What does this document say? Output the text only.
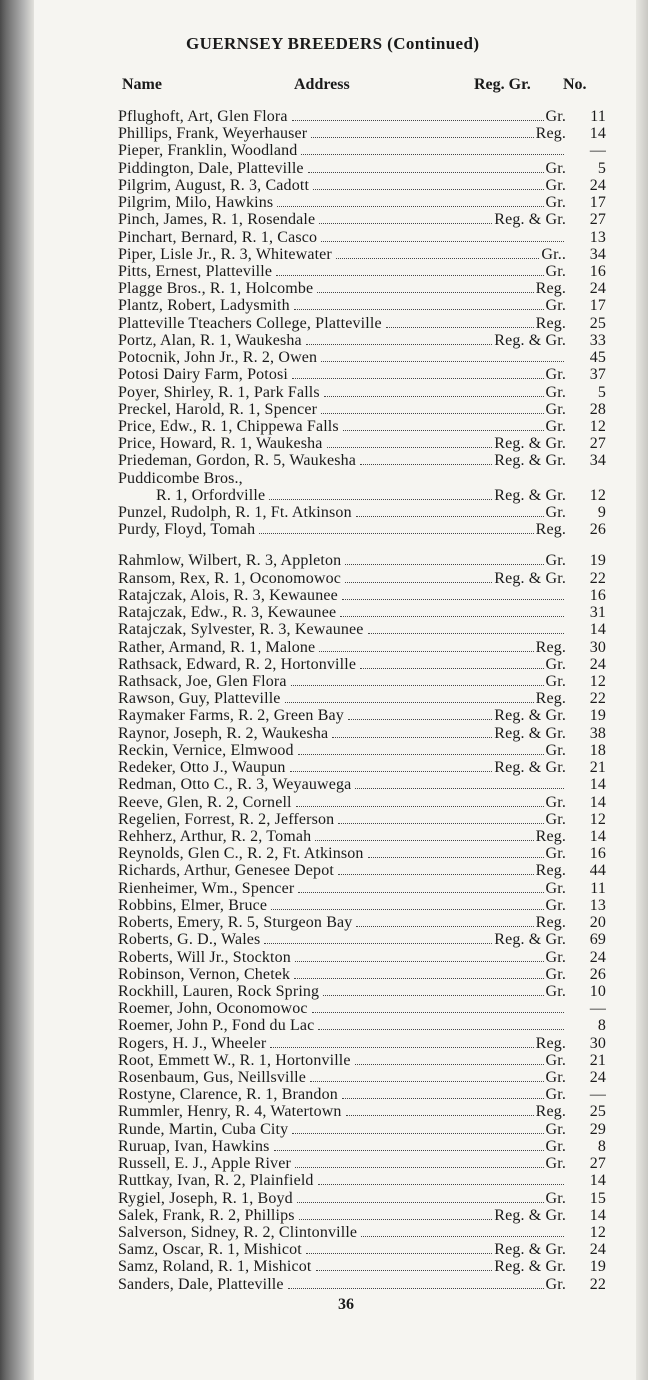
GUERNSEY BREEDERS (Continued)
Name	Address	Reg. Gr. No.
Pflughoft, Art, Glen Flora	Gr.	11
Phillips, Frank, Weyerhauser	Reg.	14
Pieper, Franklin, Woodland	—
Piddington, Dale, Platteville	Gr.	5
Pilgrim, August, R. 3, Cadott	Gr.	24
Pilgrim, Milo, Hawkins	Gr.	17
Pinch, James, R. 1, Rosendale	Reg. & Gr.	27
Pinchart, Bernard, R. 1, Casco	13
Piper, Lisle Jr., R. 3, Whitewater	Gr..	34
Pitts, Ernest, Platteville	Gr.	16
Plagge Bros., R. 1, Holcombe	Reg.	24
Plantz, Robert, Ladysmith	Gr.	17
Platteville Tteachers College, Platteville	Reg.	25
Portz, Alan, R. 1, Waukesha	Reg. & Gr.	33
Potocnik, John Jr., R. 2, Owen	45
Potosi Dairy Farm, Potosi	Gr.	37
Poyer, Shirley, R. 1, Park Falls	Gr.	5
Preckel, Harold, R. 1, Spencer	Gr.	28
Price, Edw., R. 1, Chippewa Falls	Gr.	12
Price, Howard, R. 1, Waukesha	Reg. & Gr.	27
Priedeman, Gordon, R. 5, Waukesha	Reg. & Gr.	34
Puddicombe Bros.,
R. 1, Orfordville	Reg. & Gr.	12
Punzel, Rudolph, R. 1, Ft. Atkinson	Gr.	9
Purdy, Floyd, Tomah	Reg.	26
Rahmlow, Wilbert, R. 3, Appleton	Gr.	19
Ransom, Rex, R. 1, Oconomowoc	Reg. & Gr.	22
Ratajczak, Alois, R. 3, Kewaunee	16
Ratajczak, Edw., R. 3, Kewaunee	31
Ratajczak, Sylvester, R. 3, Kewaunee	14
Rather, Armand, R. 1, Malone	Reg.	30
Rathsack, Edward, R. 2, Hortonville	Gr.	24
Rathsack, Joe, Glen Flora	Gr.	12
Rawson, Guy, Platteville	Reg.	22
Raymaker Farms, R. 2, Green Bay	Reg. & Gr.	19
Raynor, Joseph, R. 2, Waukesha	Reg. & Gr.	38
Reckin, Vernice, Elmwood	Gr.	18
Redeker, Otto J., Waupun	Reg. & Gr.	21
Redman, Otto C., R. 3, Weyauwega	14
Reeve, Glen, R. 2, Cornell	Gr.	14
Regelien, Forrest, R. 2, Jefferson	Gr.	12
Rehherz, Arthur, R. 2, Tomah	Reg.	14
Reynolds, Glen C., R. 2, Ft. Atkinson	Gr.	16
Richards, Arthur, Genesee Depot	Reg.	44
Rienheimer, Wm., Spencer	Gr.	11
Robbins, Elmer, Bruce	Gr.	13
Roberts, Emery, R. 5, Sturgeon Bay	Reg.	20
Roberts, G. D., Wales	Reg. & Gr.	69
Roberts, Will Jr., Stockton	Gr.	24
Robinson, Vernon, Chetek	Gr.	26
Rockhill, Lauren, Rock Spring	Gr.	10
Roemer, John, Oconomowoc	—
Roemer, John P., Fond du Lac	8
Rogers, H. J., Wheeler	Reg.	30
Root, Emmett W., R. 1, Hortonville	Gr.	21
Rosenbaum, Gus, Neillsville	Gr.	24
Rostyne, Clarence, R. 1, Brandon	Gr.	—
Rummler, Henry, R. 4, Watertown	Reg.	25
Runde, Martin, Cuba City	Gr.	29
Ruruap, Ivan, Hawkins	Gr.	8
Russell, E. J., Apple River	Gr.	27
Ruttkay, Ivan, R. 2, Plainfield	14
Rygiel, Joseph, R. 1, Boyd	Gr.	15
Salek, Frank, R. 2, Phillips	Reg. & Gr.	14
Salverson, Sidney, R. 2, Clintonville	12
Samz, Oscar, R. 1, Mishicot	Reg. & Gr.	24
Samz, Roland, R. 1, Mishicot	Reg. & Gr.	19
Sanders, Dale, Platteville	Gr.	22
36
